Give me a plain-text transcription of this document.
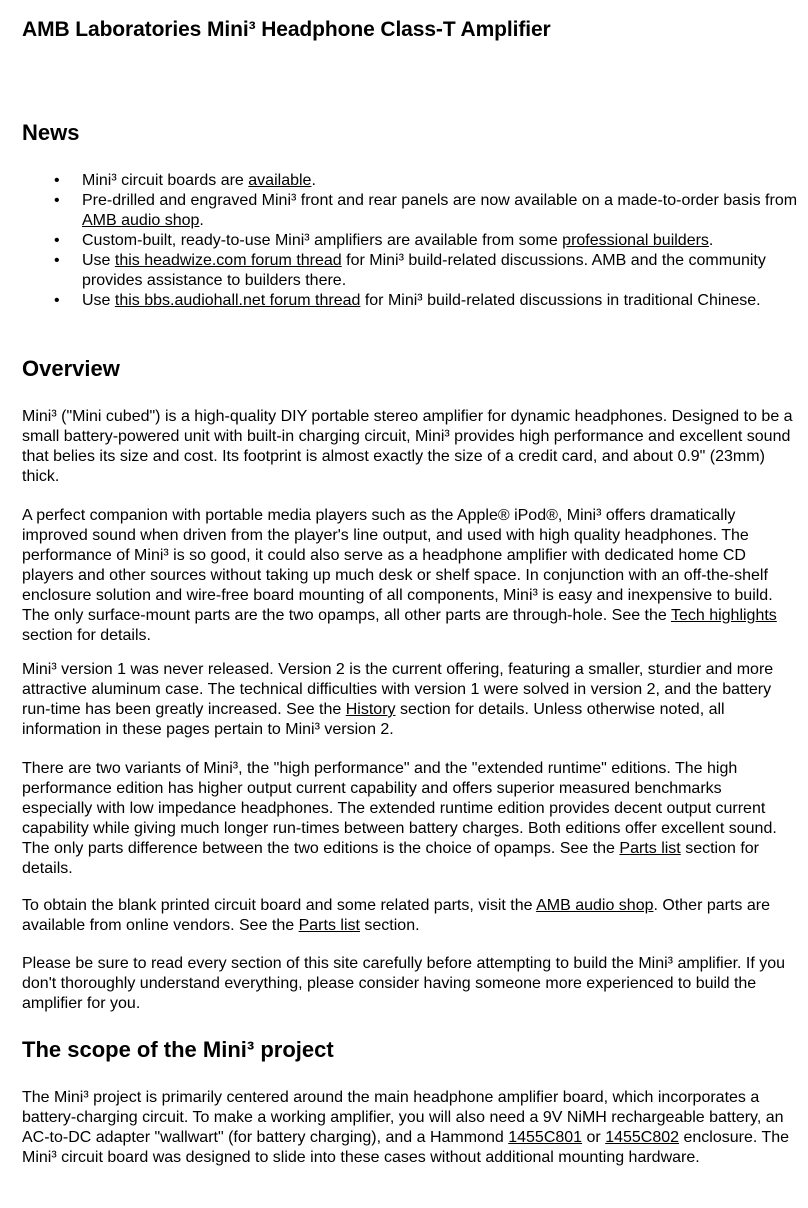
AMB Laboratories Mini³ Headphone Class-T Amplifier
News
• Mini³ circuit boards are available.
• Pre-drilled and engraved Mini³ front and rear panels are now available on a made-to-order basis from AMB audio shop.
• Custom-built, ready-to-use Mini³ amplifiers are available from some professional builders.
• Use this headwize.com forum thread for Mini³ build-related discussions. AMB and the community provides assistance to builders there.
• Use this bbs.audiohall.net forum thread for Mini³ build-related discussions in traditional Chinese.
Overview

Mini³ ("Mini cubed") is a high-quality DIY portable stereo amplifier for dynamic headphones. Designed to be a small battery-powered unit with built-in charging circuit, Mini³ provides high performance and excellent sound that belies its size and cost. Its footprint is almost exactly the size of a credit card, and about 0.9" (23mm) thick.

A perfect companion with portable media players such as the Apple® iPod®, Mini³ offers dramatically improved sound when driven from the player's line output, and used with high quality headphones. The performance of Mini³ is so good, it could also serve as a headphone amplifier with dedicated home CD players and other sources without taking up much desk or shelf space. In conjunction with an off-the-shelf enclosure solution and wire-free board mounting of all components, Mini³ is easy and inexpensive to build. The only surface-mount parts are the two opamps, all other parts are through-hole. See the Tech highlights section for details.

Mini³ version 1 was never released. Version 2 is the current offering, featuring a smaller, sturdier and more attractive aluminum case. The technical difficulties with version 1 were solved in version 2, and the battery run-time has been greatly increased. See the History section for details. Unless otherwise noted, all information in these pages pertain to Mini³ version 2.

There are two variants of Mini³, the "high performance" and the "extended runtime" editions. The high performance edition has higher output current capability and offers superior measured benchmarks especially with low impedance headphones. The extended runtime edition provides decent output current capability while giving much longer run-times between battery charges. Both editions offer excellent sound. The only parts difference between the two editions is the choice of opamps. See the Parts list section for details.

To obtain the blank printed circuit board and some related parts, visit the AMB audio shop. Other parts are available from online vendors. See the Parts list section.

Please be sure to read every section of this site carefully before attempting to build the Mini³ amplifier. If you don't thoroughly understand everything, please consider having someone more experienced to build the amplifier for you.

The scope of the Mini³ project

The Mini³ project is primarily centered around the main headphone amplifier board, which incorporates a battery-charging circuit. To make a working amplifier, you will also need a 9V NiMH rechargeable battery, an AC-to-DC adapter "wallwart" (for battery charging), and a Hammond 1455C801 or 1455C802 enclosure. The Mini³ circuit board was designed to slide into these cases without additional mounting hardware.
